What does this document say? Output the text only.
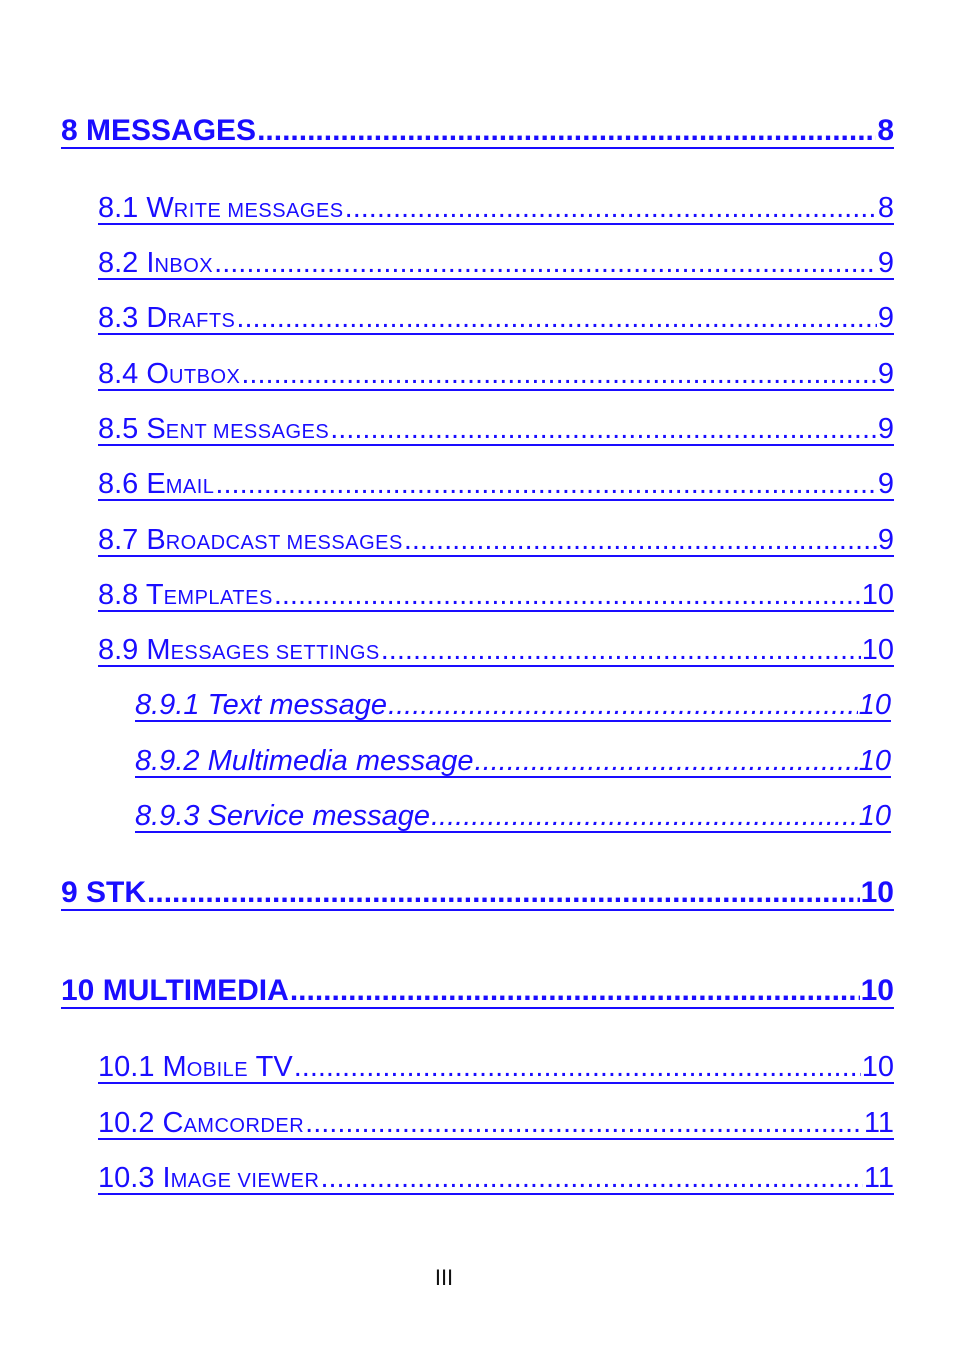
8 MESSAGES .....	8
8.1 WRITE MESSAGES .....	8
8.2 INBOX .....	9
8.3 DRAFTS .....	9
8.4 OUTBOX .....	9
8.5 SENT MESSAGES .....	9
8.6 EMAIL .....	9
8.7 BROADCAST MESSAGES .....	9
8.8 TEMPLATES .....	10
8.9 MESSAGES SETTINGS .....	10
8.9.1 Text message .....	10
8.9.2 Multimedia message .....	10
8.9.3 Service message .....	10
9 STK .....	10
10 MULTIMEDIA .....	10
10.1 MOBILE TV .....	10
10.2 CAMCORDER .....	11
10.3 IMAGE VIEWER .....	11
III
